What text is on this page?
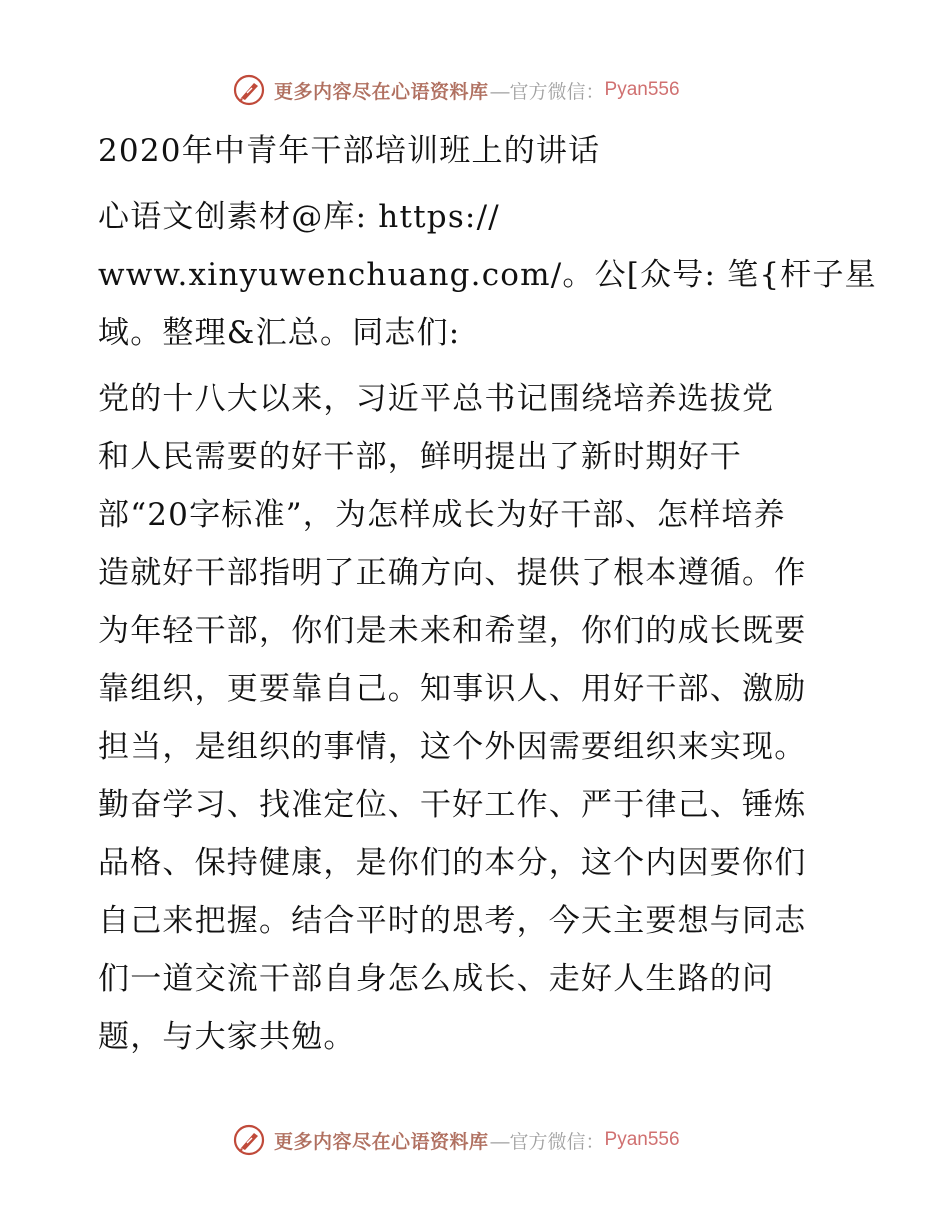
更多内容尽在心语资料库 —官方微信： Pyan556
2020年中青年干部培训班上的讲话
心语文创素材@库: https://
www.xinyuwenchuang.com/。公[众号: 笔{杆子星
域。整理&汇总。同志们:
党的十八大以来，习近平总书记围绕培养选拔党
和人民需要的好干部，鲜明提出了新时期好干
部“20字标准”，为怎样成长为好干部、怎样培养
造就好干部指明了正确方向、提供了根本遵循。作
为年轻干部，你们是未来和希望，你们的成长既要
靠组织，更要靠自己。知事识人、用好干部、激励
担当，是组织的事情，这个外因需要组织来实现。
勤奋学习、找准定位、干好工作、严于律己、锤炼
品格、保持健康，是你们的本分，这个内因要你们
自己来把握。结合平时的思考，今天主要想与同志
们一道交流干部自身怎么成长、走好人生路的问
题，与大家共勉。
更多内容尽在心语资料库 —官方微信： Pyan556
